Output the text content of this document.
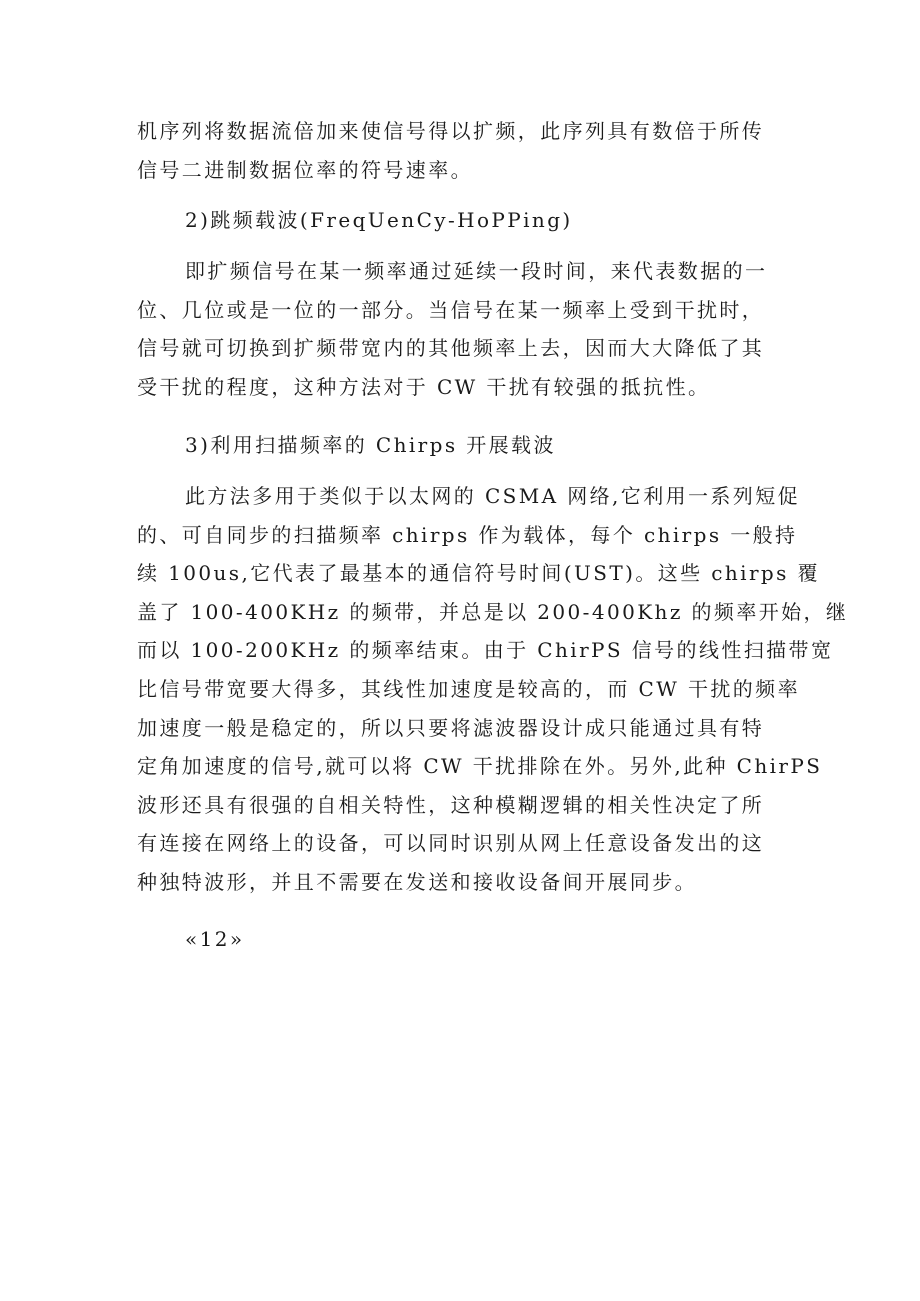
机序列将数据流倍加来使信号得以扩频，此序列具有数倍于所传
信号二进制数据位率的符号速率。

2)跳频载波(FreqUenCy-HoPPing)

即扩频信号在某一频率通过延续一段时间，来代表数据的一
位、几位或是一位的一部分。当信号在某一频率上受到干扰时，
信号就可切换到扩频带宽内的其他频率上去，因而大大降低了其
受干扰的程度，这种方法对于 CW 干扰有较强的抵抗性。

3)利用扫描频率的 Chirps 开展载波

此方法多用于类似于以太网的 CSMA 网络,它利用一系列短促
的、可自同步的扫描频率 chirps 作为载体，每个 chirps 一般持
续 100us,它代表了最基本的通信符号时间(UST)。这些 chirps 覆
盖了 100-400KHz 的频带，并总是以 200-400Khz 的频率开始，继
而以 100-200KHz 的频率结束。由于 ChirPS 信号的线性扫描带宽
比信号带宽要大得多，其线性加速度是较高的，而 CW 干扰的频率
加速度一般是稳定的，所以只要将滤波器设计成只能通过具有特
定角加速度的信号,就可以将 CW 干扰排除在外。另外,此种 ChirPS
波形还具有很强的自相关特性，这种模糊逻辑的相关性决定了所
有连接在网络上的设备，可以同时识别从网上任意设备发出的这
种独特波形，并且不需要在发送和接收设备间开展同步。

«12»
